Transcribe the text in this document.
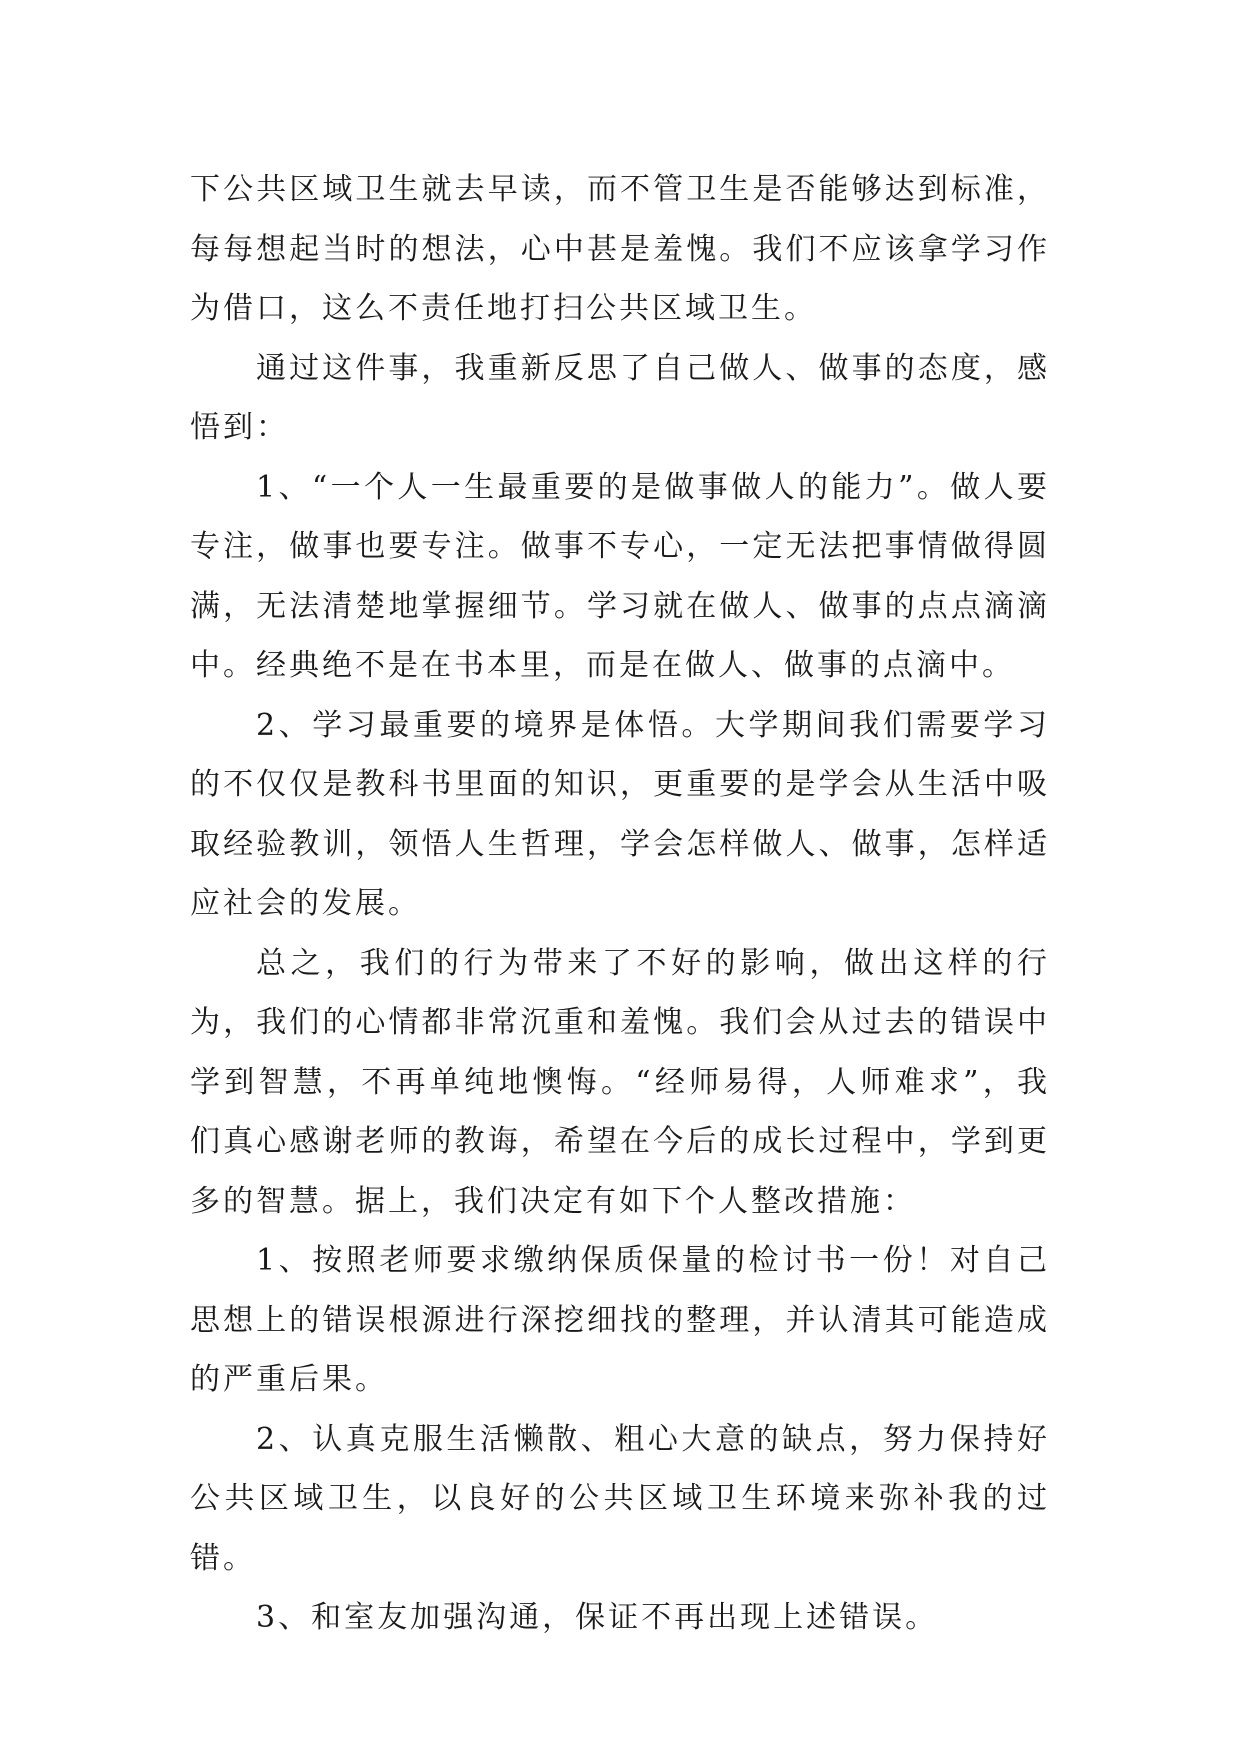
下公共区域卫生就去早读，而不管卫生是否能够达到标准，每每想起当时的想法，心中甚是羞愧。我们不应该拿学习作为借口，这么不责任地打扫公共区域卫生。

通过这件事，我重新反思了自己做人、做事的态度，感悟到：

1、“一个人一生最重要的是做事做人的能力”。做人要专注，做事也要专注。做事不专心，一定无法把事情做得圆满，无法清楚地掌握细节。学习就在做人、做事的点点滴滴中。经典绝不是在书本里，而是在做人、做事的点滴中。

2、学习最重要的境界是体悟。大学期间我们需要学习的不仅仅是教科书里面的知识，更重要的是学会从生活中吸取经验教训，领悟人生哲理，学会怎样做人、做事，怎样适应社会的发展。

总之，我们的行为带来了不好的影响，做出这样的行为，我们的心情都非常沉重和羞愧。我们会从过去的错误中学到智慧，不再单纯地懊悔。“经师易得，人师难求”，我们真心感谢老师的教诲，希望在今后的成长过程中，学到更多的智慧。据上，我们决定有如下个人整改措施：

1、按照老师要求缴纳保质保量的检讨书一份！对自己思想上的错误根源进行深挖细找的整理，并认清其可能造成的严重后果。

2、认真克服生活懒散、粗心大意的缺点，努力保持好公共区域卫生，以良好的公共区域卫生环境来弥补我的过错。

3、和室友加强沟通，保证不再出现上述错误。
